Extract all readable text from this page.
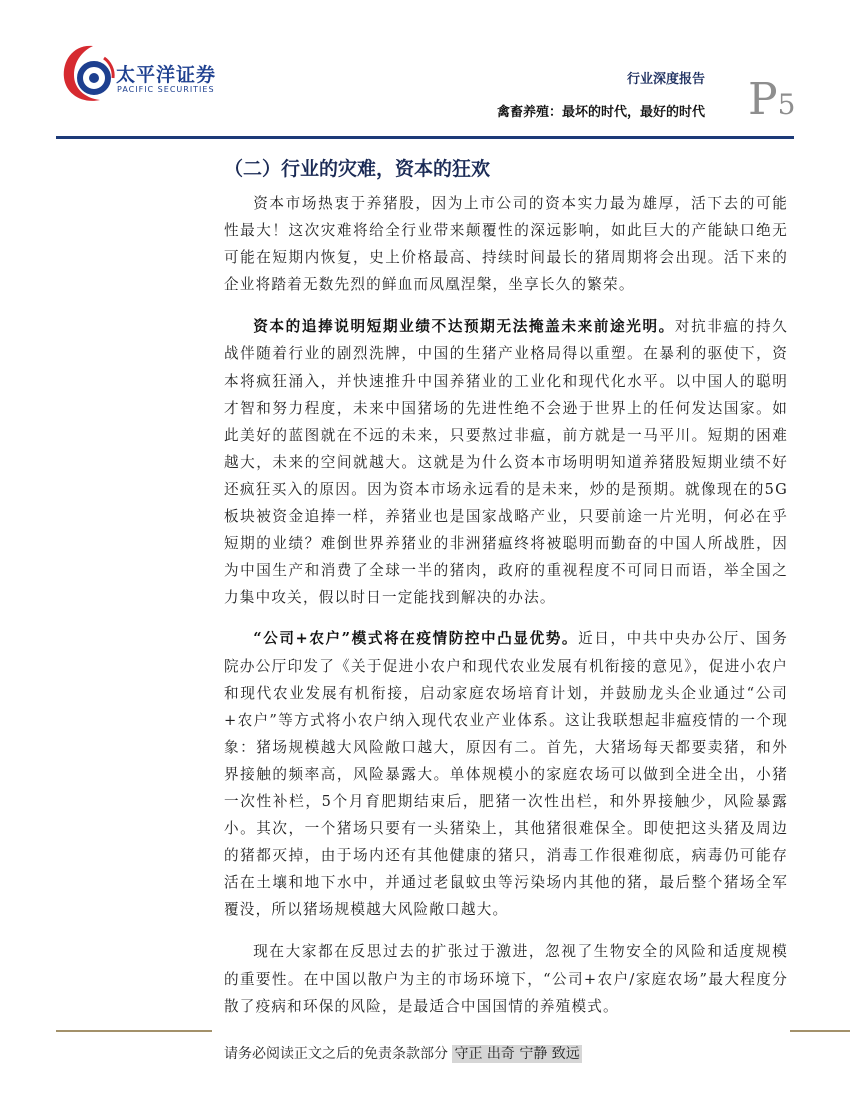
太平洋证券
PACIFIC SECURITIES
行业深度报告
禽畜养殖：最坏的时代，最好的时代 P5
（二）行业的灾难，资本的狂欢

资本市场热衷于养猪股，因为上市公司的资本实力最为雄厚，活下去的可能性最大！这次灾难将给全行业带来颠覆性的深远影响，如此巨大的产能缺口绝无可能在短期内恢复，史上价格最高、持续时间最长的猪周期将会出现。活下来的企业将踏着无数先烈的鲜血而凤凰涅槃，坐享长久的繁荣。

资本的追捧说明短期业绩不达预期无法掩盖未来前途光明。对抗非瘟的持久战伴随着行业的剧烈洗牌，中国的生猪产业格局得以重塑。在暴利的驱使下，资本将疯狂涌入，并快速推升中国养猪业的工业化和现代化水平。以中国人的聪明才智和努力程度，未来中国猪场的先进性绝不会逊于世界上的任何发达国家。如此美好的蓝图就在不远的未来，只要熬过非瘟，前方就是一马平川。短期的困难越大，未来的空间就越大。这就是为什么资本市场明明知道养猪股短期业绩不好还疯狂买入的原因。因为资本市场永远看的是未来，炒的是预期。就像现在的5G板块被资金追捧一样，养猪业也是国家战略产业，只要前途一片光明，何必在乎短期的业绩？难倒世界养猪业的非洲猪瘟终将被聪明而勤奋的中国人所战胜，因为中国生产和消费了全球一半的猪肉，政府的重视程度不可同日而语，举全国之力集中攻关，假以时日一定能找到解决的办法。

“公司+农户”模式将在疫情防控中凸显优势。近日，中共中央办公厅、国务院办公厅印发了《关于促进小农户和现代农业发展有机衔接的意见》，促进小农户和现代农业发展有机衔接，启动家庭农场培育计划，并鼓励龙头企业通过“公司+农户”等方式将小农户纳入现代农业产业体系。这让我联想起非瘟疫情的一个现象：猪场规模越大风险敞口越大，原因有二。首先，大猪场每天都要卖猪，和外界接触的频率高，风险暴露大。单体规模小的家庭农场可以做到全进全出，小猪一次性补栏，5个月育肥期结束后，肥猪一次性出栏，和外界接触少，风险暴露小。其次，一个猪场只要有一头猪染上，其他猪很难保全。即使把这头猪及周边的猪都灭掉，由于场内还有其他健康的猪只，消毒工作很难彻底，病毒仍可能存活在土壤和地下水中，并通过老鼠蚊虫等污染场内其他的猪，最后整个猪场全军覆没，所以猪场规模越大风险敞口越大。

现在大家都在反思过去的扩张过于激进，忽视了生物安全的风险和适度规模的重要性。在中国以散户为主的市场环境下，“公司+农户/家庭农场”最大程度分散了疫病和环保的风险，是最适合中国国情的养殖模式。

请务必阅读正文之后的免责条款部分 守正 出奇 宁静 致远
